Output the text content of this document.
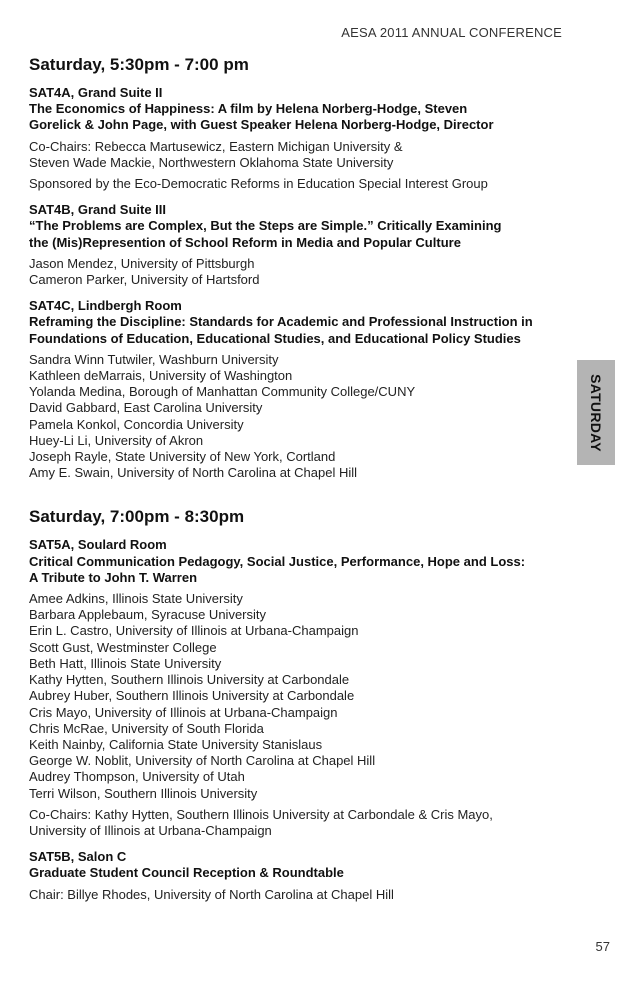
AESA 2011 ANNUAL CONFERENCE
Saturday, 5:30pm - 7:00 pm
SAT4A, Grand Suite II
The Economics of Happiness: A film by Helena Norberg-Hodge, Steven
Gorelick & John Page, with Guest Speaker Helena Norberg-Hodge, Director
Co-Chairs: Rebecca Martusewicz, Eastern Michigan University &
Steven Wade Mackie, Northwestern Oklahoma State University
Sponsored by the Eco-Democratic Reforms in Education Special Interest Group
SAT4B, Grand Suite III
“The Problems are Complex, But the Steps are Simple.” Critically Examining
the (Mis)Represention of School Reform in Media and Popular Culture
Jason Mendez, University of Pittsburgh
Cameron Parker, University of Hartsford
SAT4C, Lindbergh Room
Reframing the Discipline: Standards for Academic and Professional Instruction in
Foundations of Education, Educational Studies, and Educational Policy Studies
Sandra Winn Tutwiler, Washburn University
Kathleen deMarrais, University of Washington
Yolanda Medina, Borough of Manhattan Community College/CUNY
David Gabbard, East Carolina University
Pamela Konkol, Concordia University
Huey-Li Li, University of Akron
Joseph Rayle, State University of New York, Cortland
Amy E. Swain, University of North Carolina at Chapel Hill
Saturday, 7:00pm - 8:30pm
SAT5A, Soulard Room
Critical Communication Pedagogy, Social Justice, Performance, Hope and Loss:
A Tribute to John T. Warren
Amee Adkins, Illinois State University
Barbara Applebaum, Syracuse University
Erin L. Castro, University of Illinois at Urbana-Champaign
Scott Gust, Westminster College
Beth Hatt, Illinois State University
Kathy Hytten, Southern Illinois University at Carbondale
Aubrey Huber, Southern Illinois University at Carbondale
Cris Mayo, University of Illinois at Urbana-Champaign
Chris McRae, University of South Florida
Keith Nainby, California State University Stanislaus
George W. Noblit, University of North Carolina at Chapel Hill
Audrey Thompson, University of Utah
Terri Wilson, Southern Illinois University
Co-Chairs: Kathy Hytten, Southern Illinois University at Carbondale & Cris Mayo,
University of Illinois at Urbana-Champaign
SAT5B, Salon C
Graduate Student Council Reception & Roundtable
Chair: Billye Rhodes, University of North Carolina at Chapel Hill
SATURDAY
57
